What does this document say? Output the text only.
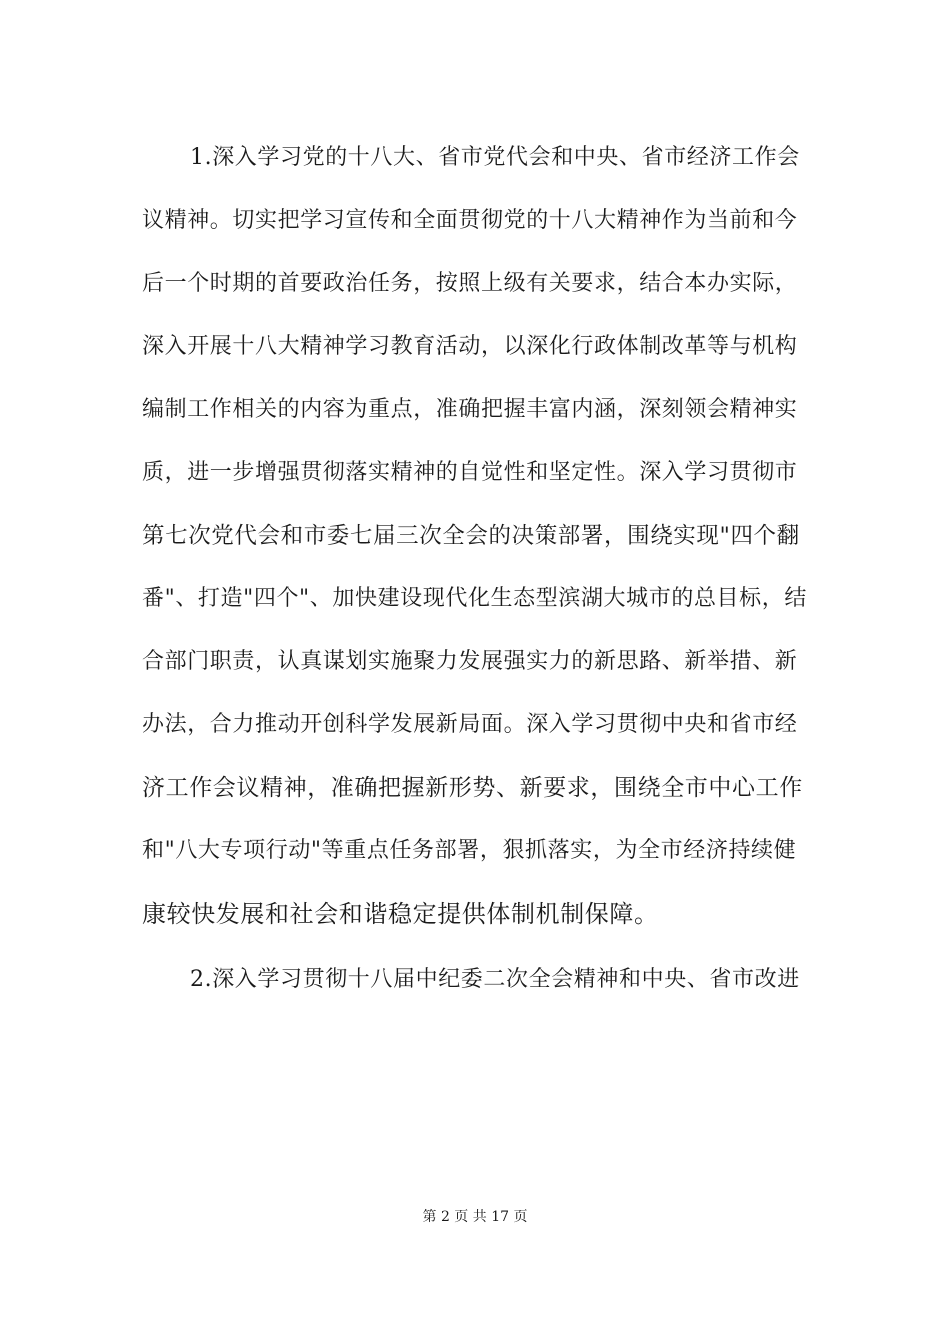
1.深入学习党的十八大、省市党代会和中央、省市经济工作会
议精神。切实把学习宣传和全面贯彻党的十八大精神作为当前和今
后一个时期的首要政治任务，按照上级有关要求，结合本办实际，
深入开展十八大精神学习教育活动，以深化行政体制改革等与机构
编制工作相关的内容为重点，准确把握丰富内涵，深刻领会精神实
质，进一步增强贯彻落实精神的自觉性和坚定性。深入学习贯彻市
第七次党代会和市委七届三次全会的决策部署，围绕实现"四个翻
番"、打造"四个"、加快建设现代化生态型滨湖大城市的总目标，结
合部门职责，认真谋划实施聚力发展强实力的新思路、新举措、新
办法，合力推动开创科学发展新局面。深入学习贯彻中央和省市经
济工作会议精神，准确把握新形势、新要求，围绕全市中心工作
和"八大专项行动"等重点任务部署，狠抓落实，为全市经济持续健
康较快发展和社会和谐稳定提供体制机制保障。
2.深入学习贯彻十八届中纪委二次全会精神和中央、省市改进
第 2 页 共 17 页
